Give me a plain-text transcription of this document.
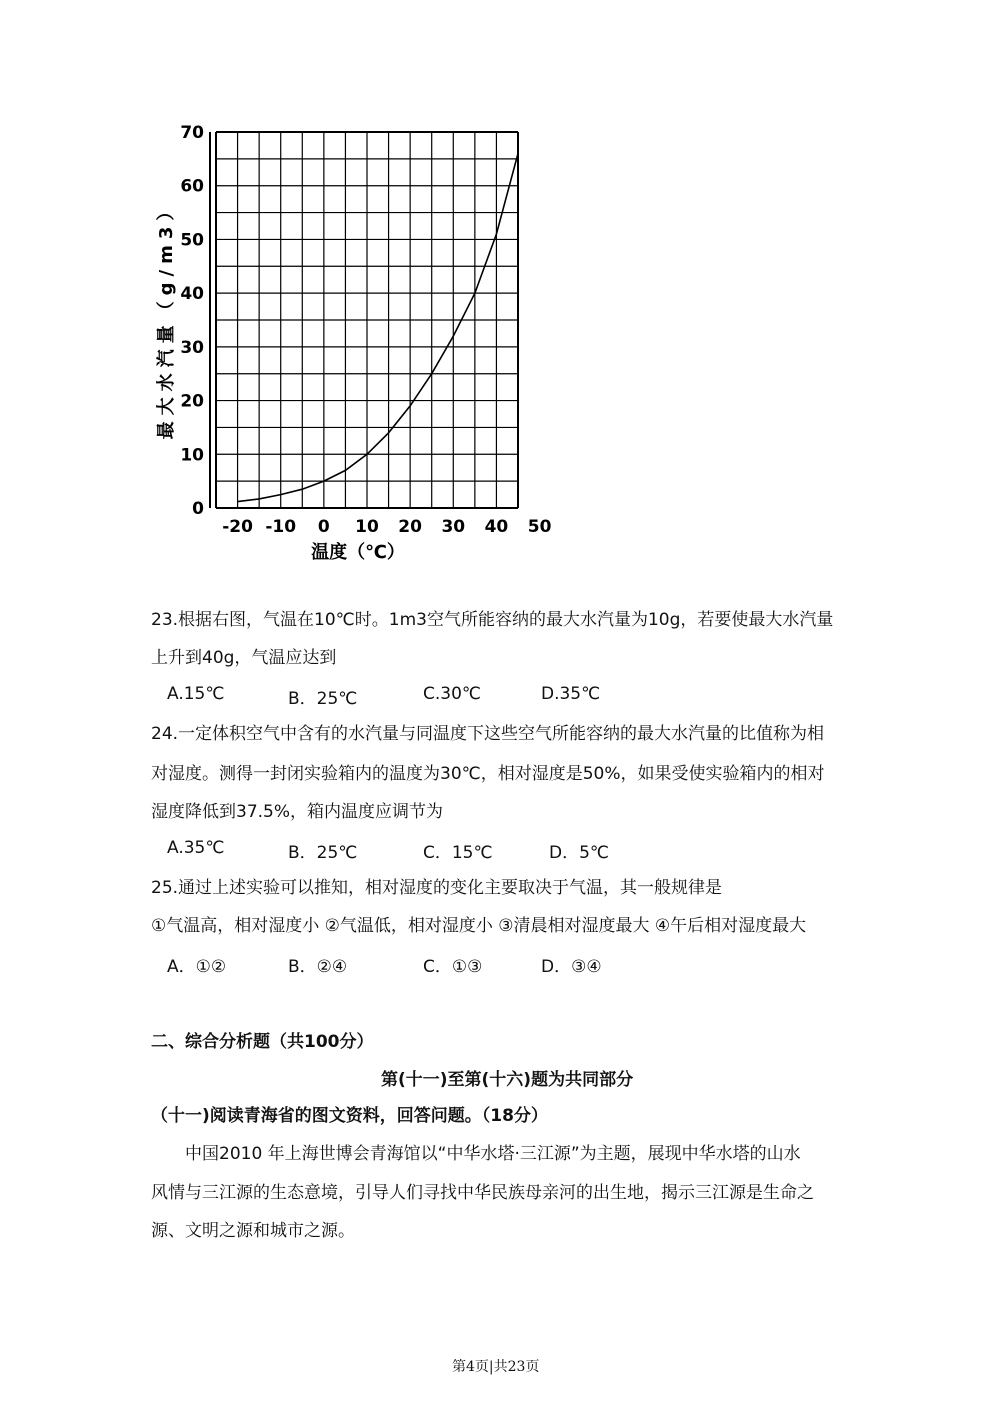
-20 -10 0 10 20 30 40 50
0
10
20
30
40
50
60
70
最大水汽量（g/m3）
温度（℃）
23.根据右图，气温在10℃时。1m3空气所能容纳的最大水汽量为10g，若要使最大水汽量
上升到40g，气温应达到
A.15℃	B．25℃	C.30℃	D.35℃
24.一定体积空气中含有的水汽量与同温度下这些空气所能容纳的最大水汽量的比值称为相
对湿度。测得一封闭实验箱内的温度为30℃，相对湿度是50%，如果受使实验箱内的相对
湿度降低到37.5%，箱内温度应调节为
A.35℃	B．25℃	C．15℃	D．5℃
25.通过上述实验可以推知，相对湿度的变化主要取决于气温，其一般规律是
①气温高，相对湿度小 ②气温低，相对湿度小 ③清晨相对湿度最大 ④午后相对湿度最大
A．①②	B．②④	C．①③	D．③④
二、综合分析题（共100分）
第(十一)至第(十六)题为共同部分
（十一)阅读青海省的图文资料，回答问题。（18分）
中国2010 年上海世博会青海馆以“中华水塔·三江源”为主题，展现中华水塔的山水
风情与三江源的生态意境，引导人们寻找中华民族母亲河的出生地，揭示三江源是生命之
源、文明之源和城市之源。
第4页|共23页
